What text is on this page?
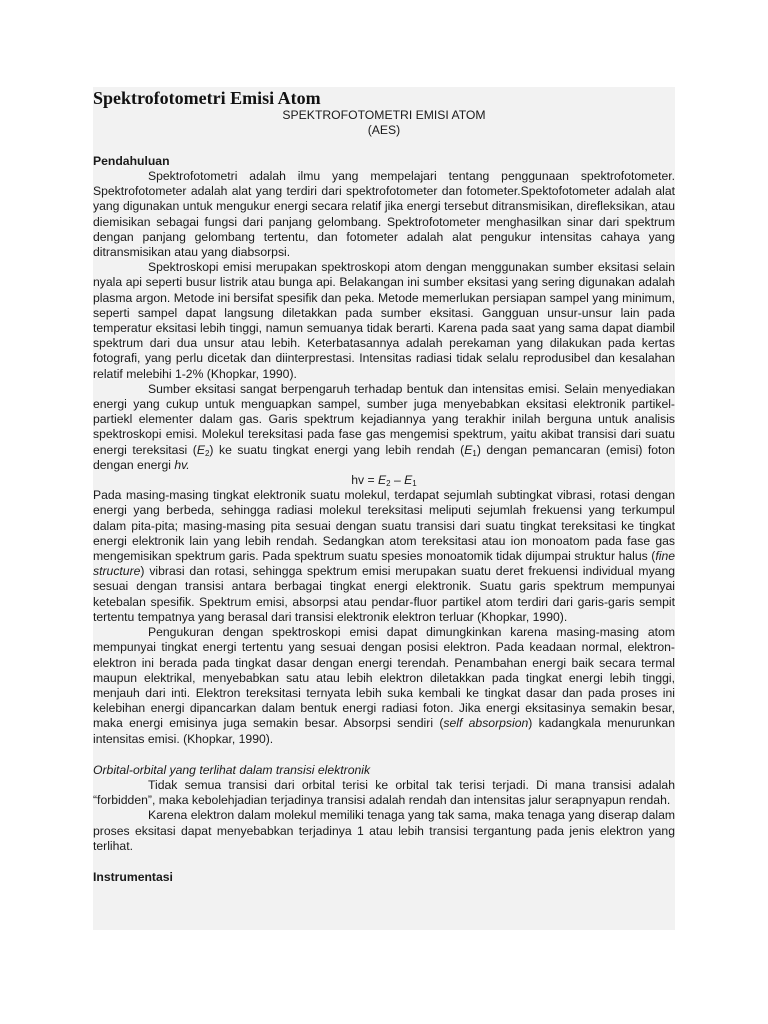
Spektrofotometri Emisi Atom
SPEKTROFOTOMETRI EMISI ATOM
(AES)
Pendahuluan

Spektrofotometri adalah ilmu yang mempelajari tentang penggunaan spektrofotometer. Spektrofotometer adalah alat yang terdiri dari spektrofotometer dan fotometer.Spektofotometer adalah alat yang digunakan untuk mengukur energi secara relatif jika energi tersebut ditransmisikan, direfleksikan, atau diemisikan sebagai fungsi dari panjang gelombang. Spektrofotometer menghasilkan sinar dari spektrum dengan panjang gelombang tertentu, dan fotometer adalah alat pengukur intensitas cahaya yang ditransmisikan atau yang diabsorpsi.

Spektroskopi emisi merupakan spektroskopi atom dengan menggunakan sumber eksitasi selain nyala api seperti busur listrik atau bunga api. Belakangan ini sumber eksitasi yang sering digunakan adalah plasma argon. Metode ini bersifat spesifik dan peka. Metode memerlukan persiapan sampel yang minimum, seperti sampel dapat langsung diletakkan pada sumber eksitasi. Gangguan unsur-unsur lain pada temperatur eksitasi lebih tinggi, namun semuanya tidak berarti. Karena pada saat yang sama dapat diambil spektrum dari dua unsur atau lebih. Keterbatasannya adalah perekaman yang dilakukan pada kertas fotografi, yang perlu dicetak dan diinterprestasi. Intensitas radiasi tidak selalu reprodusibel dan kesalahan relatif melebihi 1-2% (Khopkar, 1990).

Sumber eksitasi sangat berpengaruh terhadap bentuk dan intensitas emisi. Selain menyediakan energi yang cukup untuk menguapkan sampel, sumber juga menyebabkan eksitasi elektronik partikel-partiekl elementer dalam gas. Garis spektrum kejadiannya yang terakhir inilah berguna untuk analisis spektroskopi emisi. Molekul tereksitasi pada fase gas mengemisi spektrum, yaitu akibat transisi dari suatu energi tereksitasi $(E_2)$ ke suatu tingkat energi yang lebih rendah $(E_1)$ dengan pemancaran (emisi) foton dengan energi hv.

hv = $E_2 - E_1$

Pada masing-masing tingkat elektronik suatu molekul, terdapat sejumlah subtingkat vibrasi, rotasi dengan energi yang berbeda, sehingga radiasi molekul tereksitasi meliputi sejumlah frekuensi yang terkumpul dalam pita-pita; masing-masing pita sesuai dengan suatu transisi dari suatu tingkat tereksitasi ke tingkat energi elektronik lain yang lebih rendah. Sedangkan atom tereksitasi atau ion monoatom pada fase gas mengemisikan spektrum garis. Pada spektrum suatu spesies monoatomik tidak dijumpai struktur halus (fine structure) vibrasi dan rotasi, sehingga spektrum emisi merupakan suatu deret frekuensi individual myang sesuai dengan transisi antara berbagai tingkat energi elektronik. Suatu garis spektrum mempunyai ketebalan spesifik. Spektrum emisi, absorpsi atau pendar-fluor partikel atom terdiri dari garis-garis sempit tertentu tempatnya yang berasal dari transisi elektronik elektron terluar (Khopkar, 1990).

Pengukuran dengan spektroskopi emisi dapat dimungkinkan karena masing-masing atom mempunyai tingkat energi tertentu yang sesuai dengan posisi elektron. Pada keadaan normal, elektron-elektron ini berada pada tingkat dasar dengan energi terendah. Penambahan energi baik secara termal maupun elektrikal, menyebabkan satu atau lebih elektron diletakkan pada tingkat energi lebih tinggi, menjauh dari inti. Elektron tereksitasi ternyata lebih suka kembali ke tingkat dasar dan pada proses ini kelebihan energi dipancarkan dalam bentuk energi radiasi foton. Jika energi eksitasinya semakin besar, maka energi emisinya juga semakin besar. Absorpsi sendiri (self absorpsion) kadangkala menurunkan intensitas emisi. (Khopkar, 1990).

Orbital-orbital yang terlihat dalam transisi elektronik

Tidak semua transisi dari orbital terisi ke orbital tak terisi terjadi. Di mana transisi adalah “forbidden”, maka kebolehjadian terjadinya transisi adalah rendah dan intensitas jalur serapnyapun rendah.

Karena elektron dalam molekul memiliki tenaga yang tak sama, maka tenaga yang diserap dalam proses eksitasi dapat menyebabkan terjadinya 1 atau lebih transisi tergantung pada jenis elektron yang terlihat.

Instrumentasi
